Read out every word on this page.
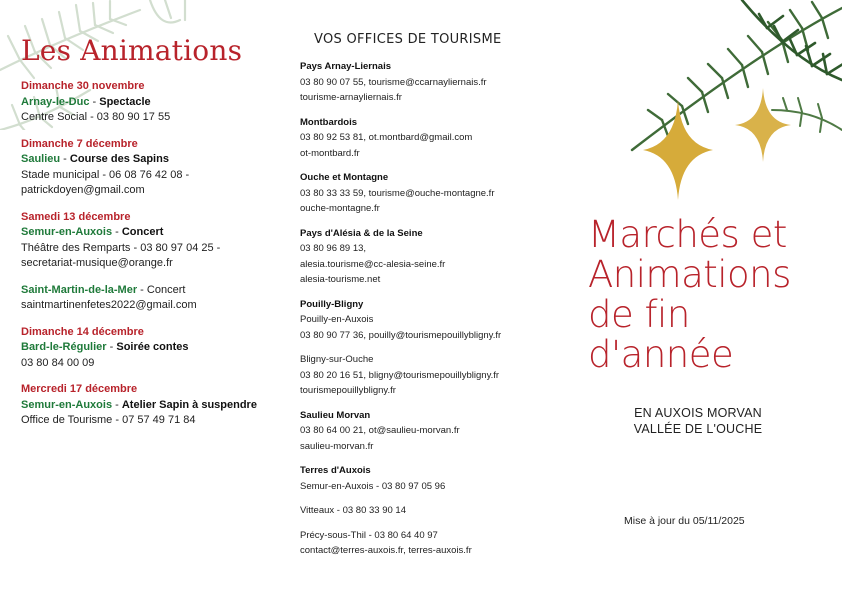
Les Animations
Dimanche 30 novembre
Arnay-le-Duc - Spectacle
Centre Social - 03 80 90 17 55
Dimanche 7 décembre
Saulieu - Course des Sapins
Stade municipal - 06 08 76 42 08 -
patrickdoyen@gmail.com
Samedi 13 décembre
Semur-en-Auxois - Concert
Théâtre des Remparts - 03 80 97 04 25 -
secretariat-musique@orange.fr
Saint-Martin-de-la-Mer - Concert
saintmartinenfetes2022@gmail.com
Dimanche 14 décembre
Bard-le-Régulier - Soirée contes
03 80 84 00 09
Mercredi 17 décembre
Semur-en-Auxois - Atelier Sapin à suspendre
Office de Tourisme - 07 57 49 71 84
VOS OFFICES DE TOURISME
Pays Arnay-Liernais
03 80 90 07 55, tourisme@ccarnayliernais.fr
tourisme-arnayliernais.fr
Montbardois
03 80 92 53 81, ot.montbard@gmail.com
ot-montbard.fr
Ouche et Montagne
03 80 33 33 59, tourisme@ouche-montagne.fr
ouche-montagne.fr
Pays d'Alésia & de la Seine
03 80 96 89 13,
alesia.tourisme@cc-alesia-seine.fr
alesia-tourisme.net
Pouilly-Bligny
Pouilly-en-Auxois
03 80 90 77 36, pouilly@tourismepouillybligny.fr
Bligny-sur-Ouche
03 80 20 16 51, bligny@tourismepouillybligny.fr
tourismepouillybligny.fr
Saulieu Morvan
03 80 64 00 21, ot@saulieu-morvan.fr
saulieu-morvan.fr
Terres d'Auxois
Semur-en-Auxois - 03 80 97 05 96
Vitteaux - 03 80 33 90 14
Précy-sous-Thil - 03 80 64 40 97
contact@terres-auxois.fr, terres-auxois.fr
Marchés et
Animations
de fin
d'année
EN AUXOIS MORVAN
VALLÉE DE L'OUCHE
Mise à jour du 05/11/2025
